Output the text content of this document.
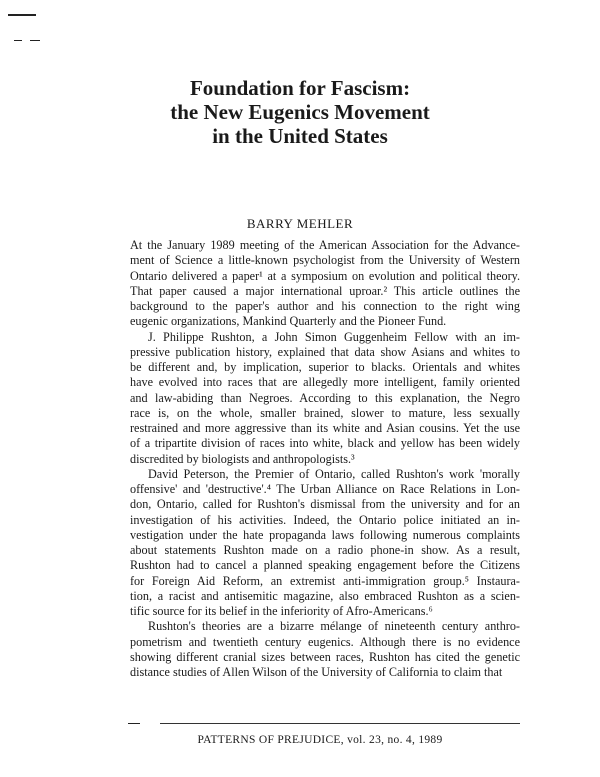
Foundation for Fascism:
the New Eugenics Movement
in the United States
BARRY MEHLER
At the January 1989 meeting of the American Association for the Advance-
ment of Science a little-known psychologist from the University of Western
Ontario delivered a paper¹ at a symposium on evolution and political theory.
That paper caused a major international uproar.² This article outlines the
background to the paper's author and his connection to the right wing
eugenic organizations, Mankind Quarterly and the Pioneer Fund.
J. Philippe Rushton, a John Simon Guggenheim Fellow with an im-
pressive publication history, explained that data show Asians and whites to
be different and, by implication, superior to blacks. Orientals and whites
have evolved into races that are allegedly more intelligent, family oriented
and law-abiding than Negroes. According to this explanation, the Negro
race is, on the whole, smaller brained, slower to mature, less sexually
restrained and more aggressive than its white and Asian cousins. Yet the use
of a tripartite division of races into white, black and yellow has been widely
discredited by biologists and anthropologists.³
David Peterson, the Premier of Ontario, called Rushton's work 'morally
offensive' and 'destructive'.⁴ The Urban Alliance on Race Relations in Lon-
don, Ontario, called for Rushton's dismissal from the university and for an
investigation of his activities. Indeed, the Ontario police initiated an in-
vestigation under the hate propaganda laws following numerous complaints
about statements Rushton made on a radio phone-in show. As a result,
Rushton had to cancel a planned speaking engagement before the Citizens
for Foreign Aid Reform, an extremist anti-immigration group.⁵ Instaura-
tion, a racist and antisemitic magazine, also embraced Rushton as a scien-
tific source for its belief in the inferiority of Afro-Americans.⁶
Rushton's theories are a bizarre mélange of nineteenth century anthro-
pometrism and twentieth century eugenics. Although there is no evidence
showing different cranial sizes between races, Rushton has cited the genetic
distance studies of Allen Wilson of the University of California to claim that
PATTERNS OF PREJUDICE, vol. 23, no. 4, 1989
